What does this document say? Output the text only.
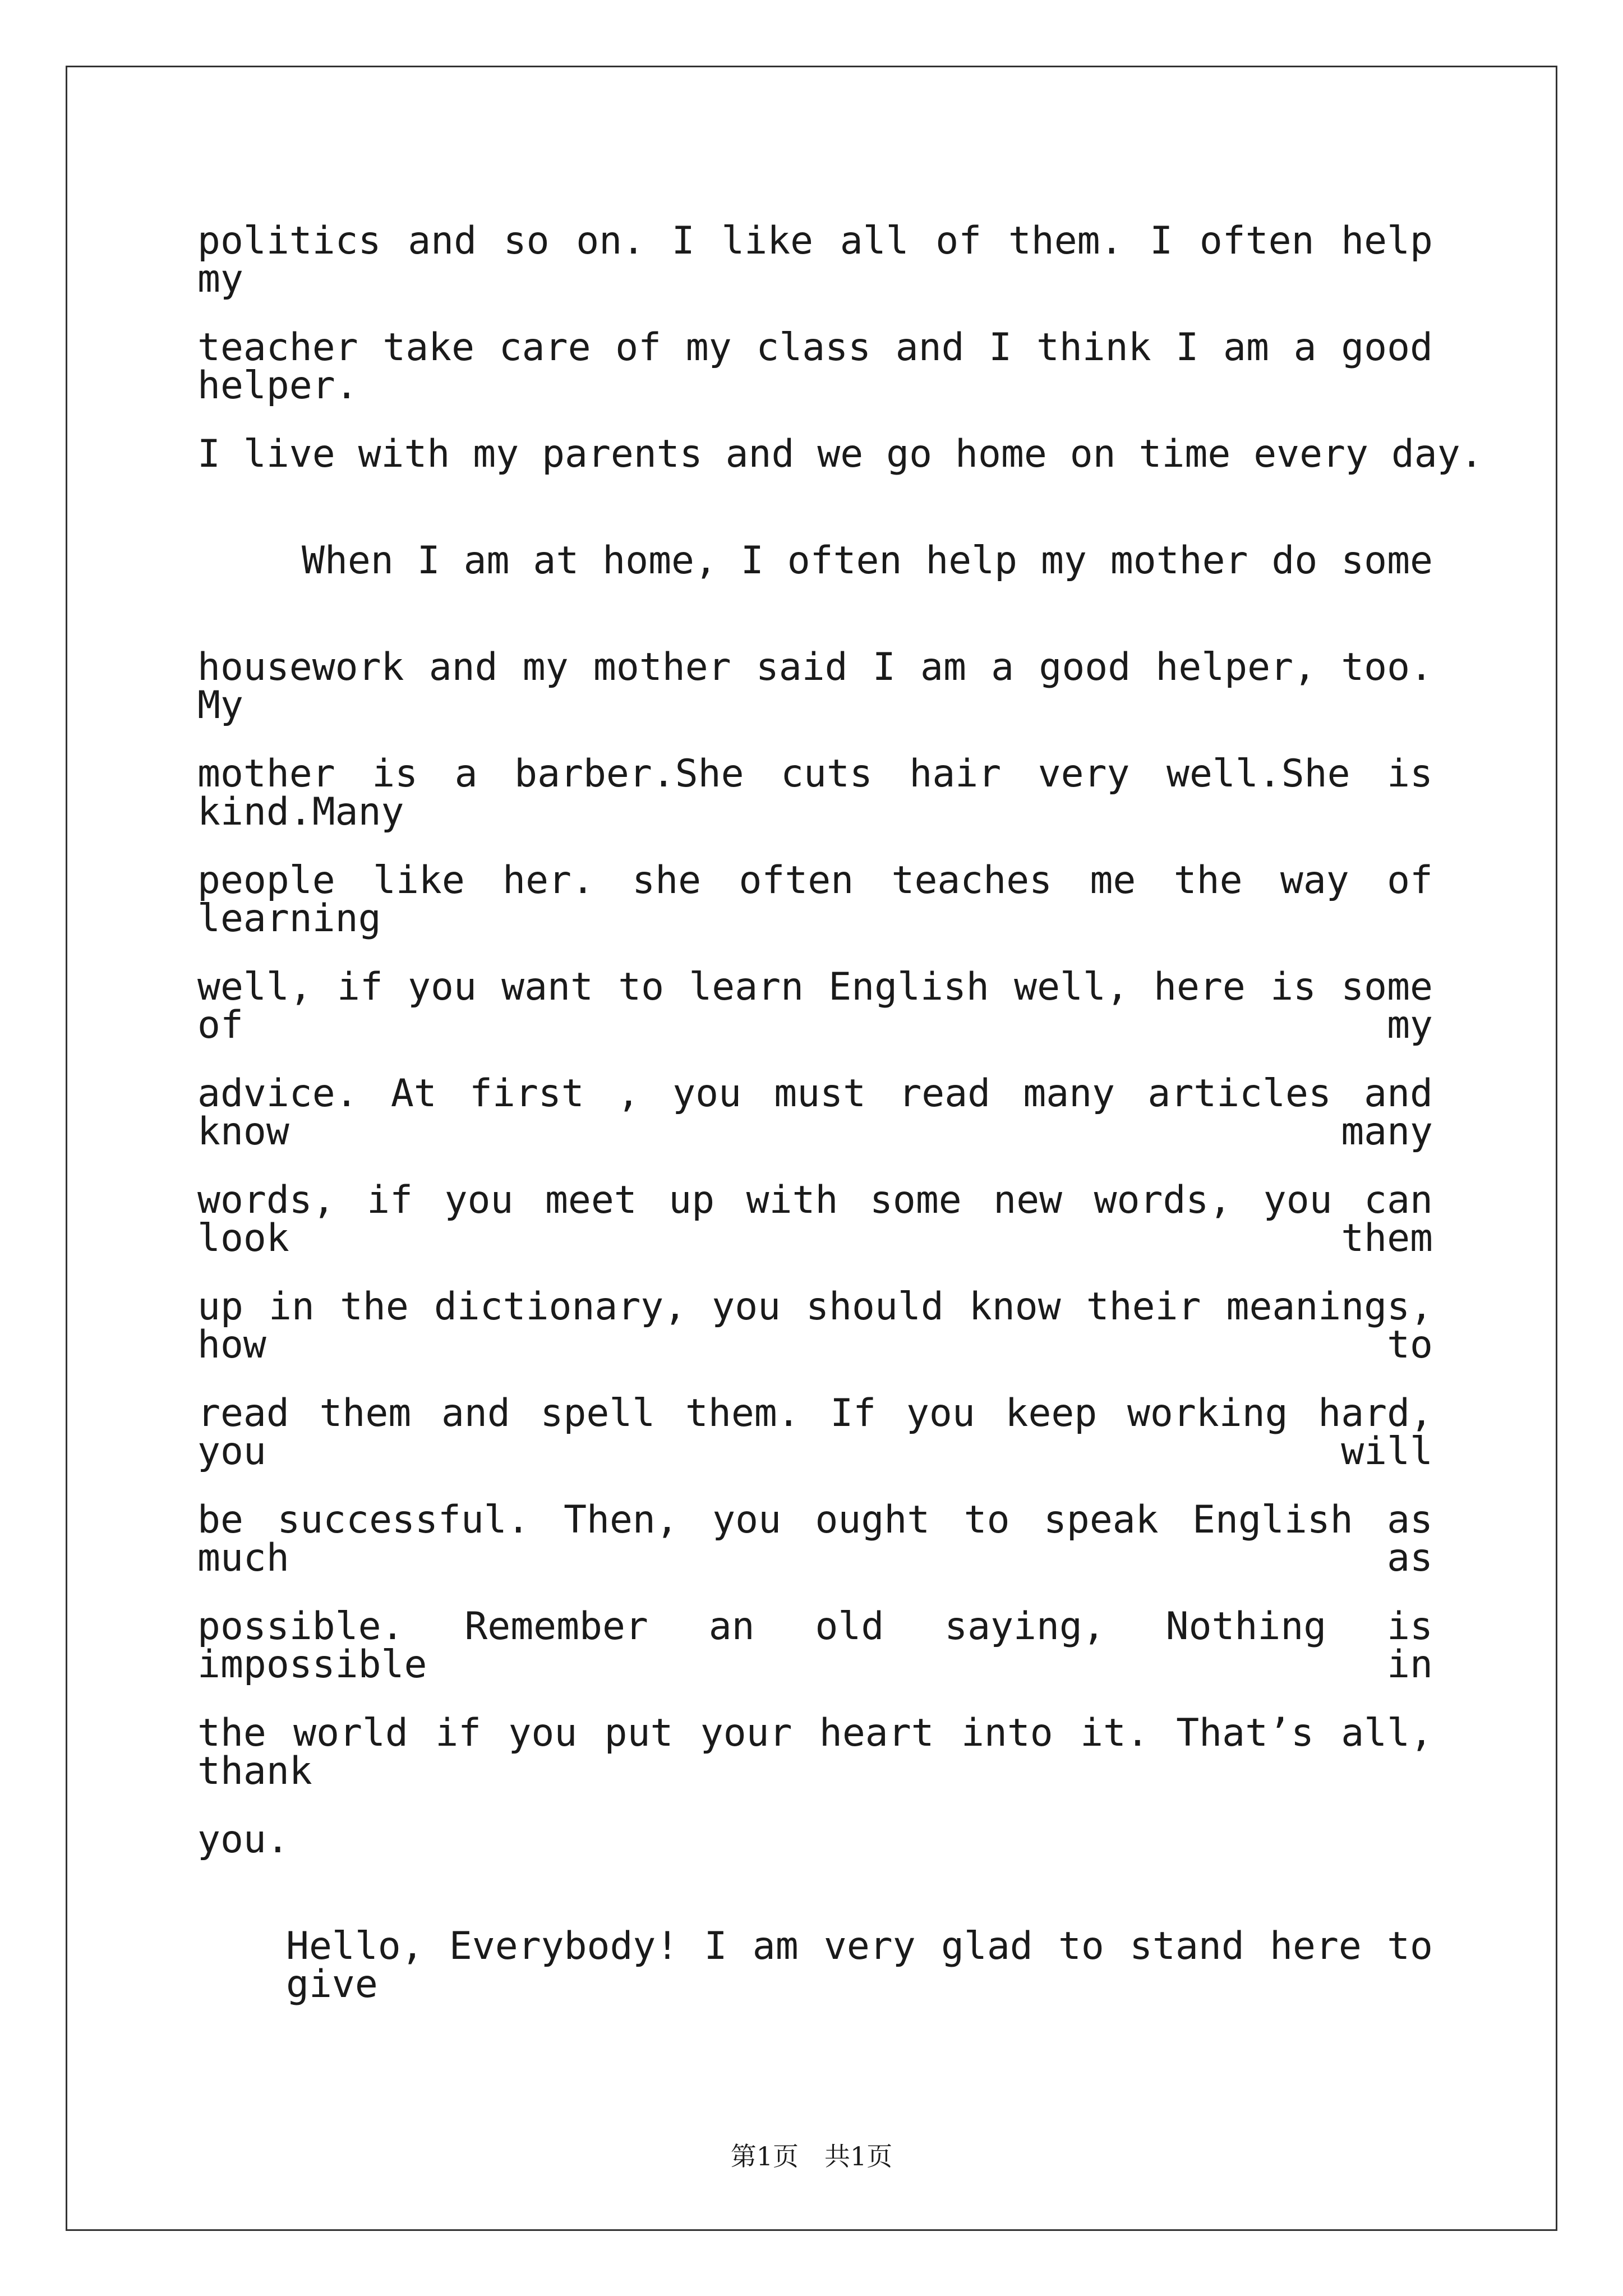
politics and so on. I like all of them. I often help my

teacher take care of my class and I think I am a good helper.

I live with my parents and we go home on time every day.

When I am at home, I often help my mother do some

housework and my mother said I am a good helper, too. My

mother is a barber.She cuts hair very well.She is kind.Many

people like her. she often teaches me the way of learning

well, if you want to learn English well, here is some of my

advice. At first , you must read many articles and know many

words, if you meet up with some new words, you can look them

up in the dictionary, you should know their meanings, how to

read them and spell them. If you keep working hard, you will

be successful. Then, you ought to speak English as much as

possible. Remember an old saying, Nothing is impossible in

the world if you put your heart into it. That’s all, thank

you.

Hello, Everybody! I am very glad to stand here to give

第1页　共1页
